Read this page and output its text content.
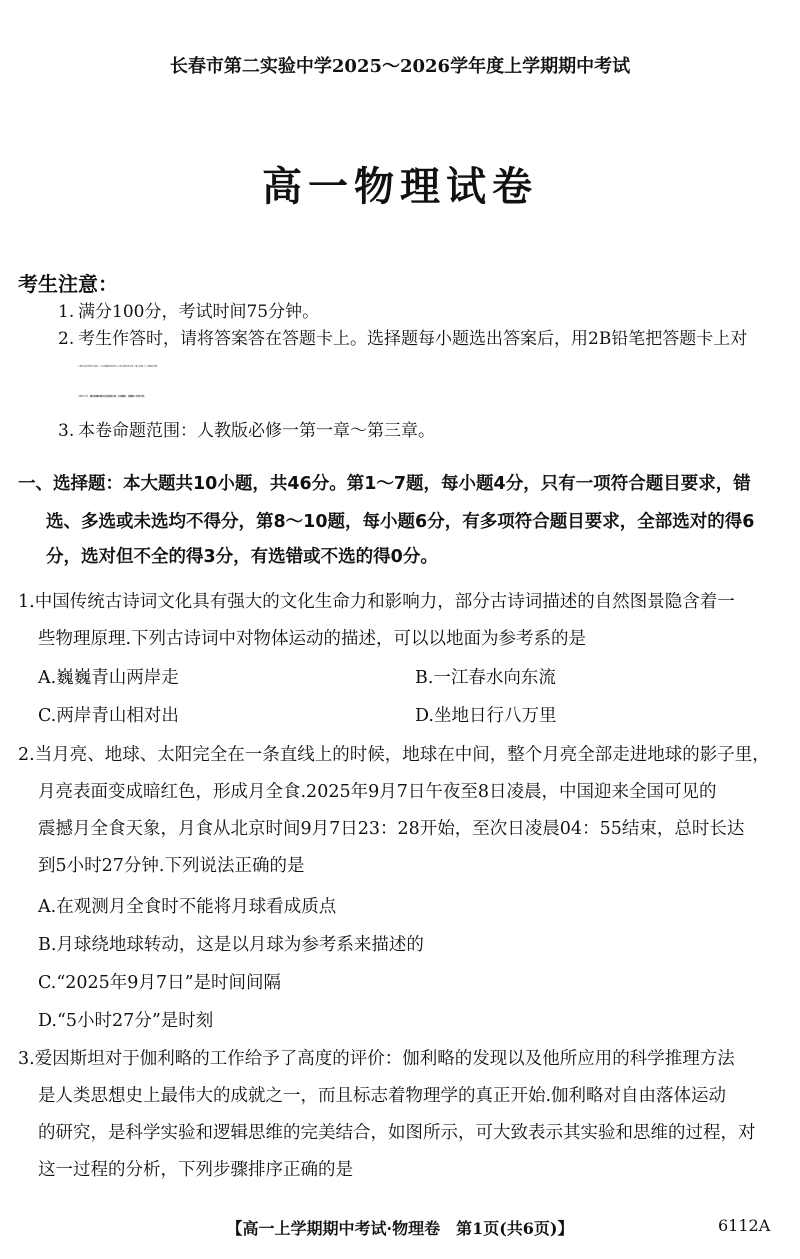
长春市第二实验中学2025～2026学年度上学期期中考试
高一物理试卷
考生注意：
1. 满分100分，考试时间75分钟。
2. 考生作答时，请将答案答在答题卡上。选择题每小题选出答案后，用2B铅笔把答题卡上对
应题目的答案标号涂黑；非选择题请用直径0.5毫米黑色墨水签字笔在答题卡上各题的答题
区域内作答，超出答题区域书写的答案无效，在试题卷、草稿纸上作答无效。
3. 本卷命题范围：人教版必修一第一章～第三章。
一、选择题：本大题共10小题，共46分。第1～7题，每小题4分，只有一项符合题目要求，错
选、多选或未选均不得分，第8～10题，每小题6分，有多项符合题目要求，全部选对的得6
分，选对但不全的得3分，有选错或不选的得0分。
1.中国传统古诗词文化具有强大的文化生命力和影响力，部分古诗词描述的自然图景隐含着一
些物理原理.下列古诗词中对物体运动的描述，可以以地面为参考系的是
A.巍巍青山两岸走	B.一江春水向东流
C.两岸青山相对出	D.坐地日行八万里
2.当月亮、地球、太阳完全在一条直线上的时候，地球在中间，整个月亮全部走进地球的影子里，
月亮表面变成暗红色，形成月全食.2025年9月7日午夜至8日凌晨，中国迎来全国可见的
震撼月全食天象，月食从北京时间9月7日23：28开始，至次日凌晨04：55结束，总时长达
到5小时27分钟.下列说法正确的是
A.在观测月全食时不能将月球看成质点
B.月球绕地球转动，这是以月球为参考系来描述的
C.“2025年9月7日”是时间间隔
D.“5小时27分”是时刻
3.爱因斯坦对于伽利略的工作给予了高度的评价：伽利略的发现以及他所应用的科学推理方法
是人类思想史上最伟大的成就之一，而且标志着物理学的真正开始.伽利略对自由落体运动
的研究，是科学实验和逻辑思维的完美结合，如图所示，可大致表示其实验和思维的过程，对
这一过程的分析，下列步骤排序正确的是
【高一上学期期中考试·物理卷　第1页(共6页)】	6112A
